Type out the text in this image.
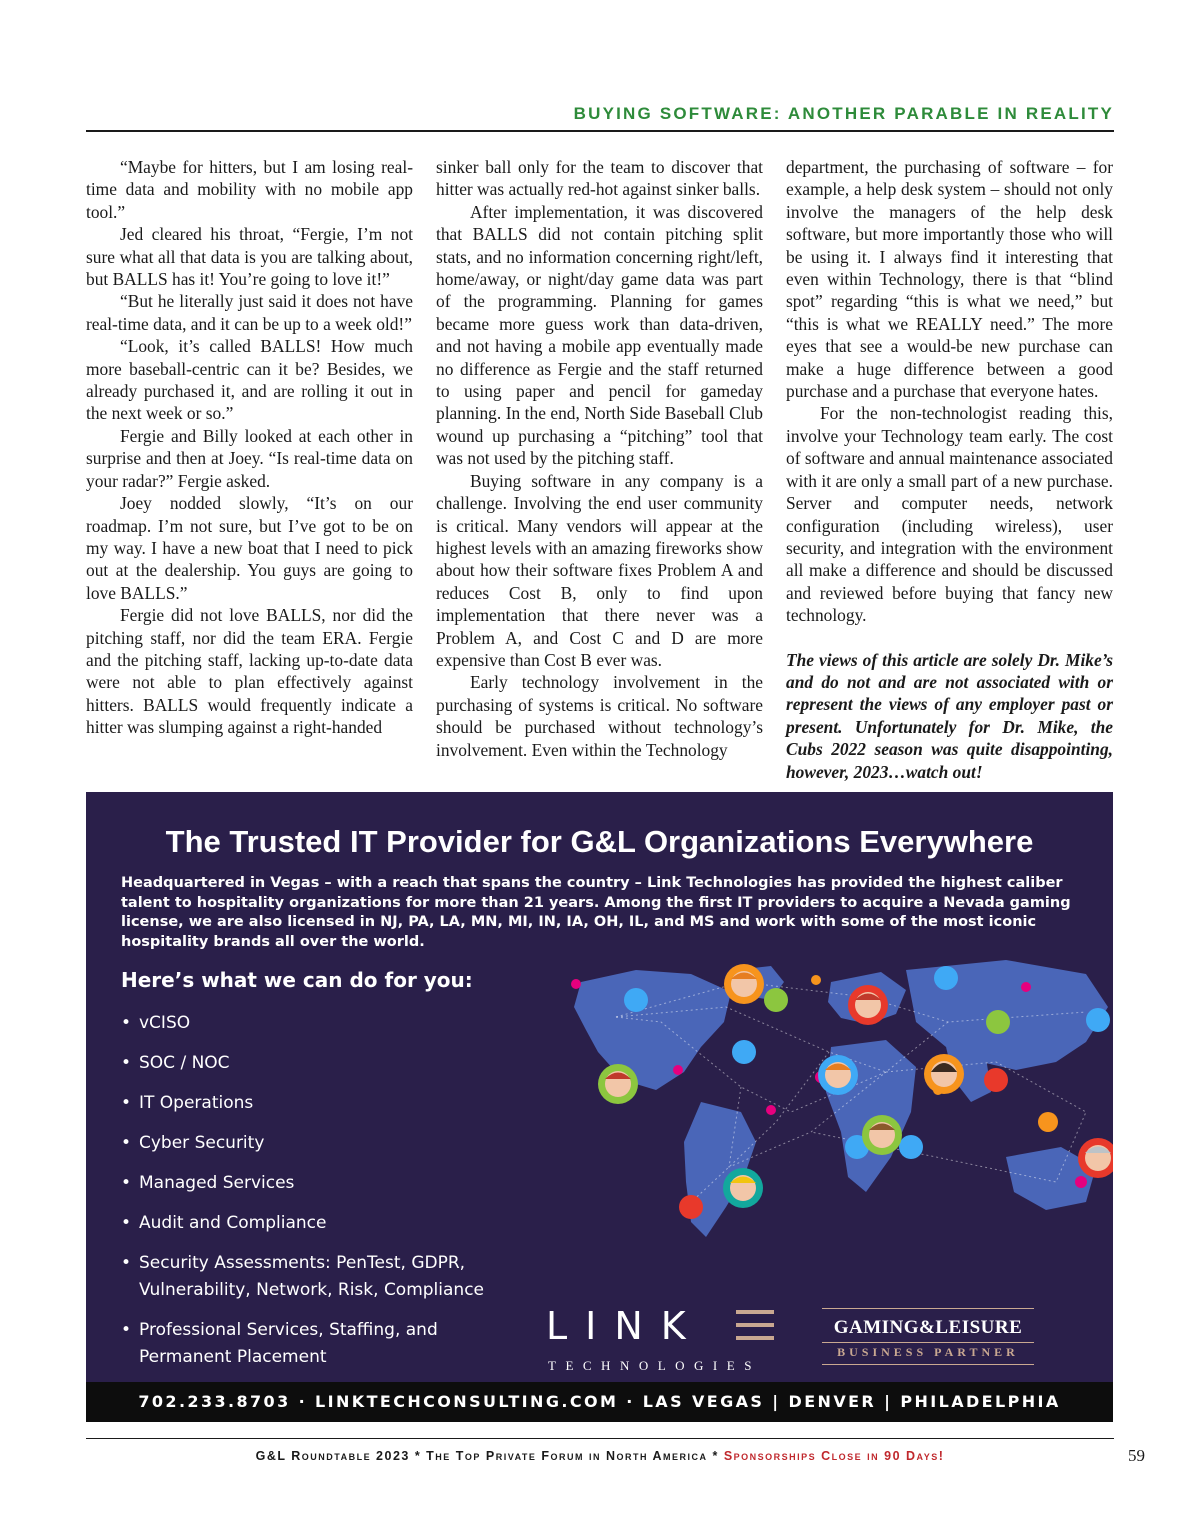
BUYING SOFTWARE: ANOTHER PARABLE IN REALITY

“Maybe for hitters, but I am losing real-time data and mobility with no mobile app tool.”

Jed cleared his throat, “Fergie, I’m not sure what all that data is you are talking about, but BALLS has it! You’re going to love it!”

“But he literally just said it does not have real-time data, and it can be up to a week old!”

“Look, it’s called BALLS! How much more baseball-centric can it be? Besides, we already purchased it, and are rolling it out in the next week or so.”

Fergie and Billy looked at each other in surprise and then at Joey. “Is real-time data on your radar?” Fergie asked.

Joey nodded slowly, “It’s on our roadmap. I’m not sure, but I’ve got to be on my way. I have a new boat that I need to pick out at the dealership. You guys are going to love BALLS.”

Fergie did not love BALLS, nor did the pitching staff, nor did the team ERA. Fergie and the pitching staff, lacking up-to-date data were not able to plan effectively against hitters. BALLS would frequently indicate a hitter was slumping against a right-handed

sinker ball only for the team to discover that hitter was actually red-hot against sinker balls.

After implementation, it was discovered that BALLS did not contain pitching split stats, and no information concerning right/left, home/away, or night/day game data was part of the programming. Planning for games became more guess work than data-driven, and not having a mobile app eventually made no difference as Fergie and the staff returned to using paper and pencil for gameday planning. In the end, North Side Baseball Club wound up purchasing a “pitching” tool that was not used by the pitching staff.

Buying software in any company is a challenge. Involving the end user community is critical. Many vendors will appear at the highest levels with an amazing fireworks show about how their software fixes Problem A and reduces Cost B, only to find upon implementation that there never was a Problem A, and Cost C and D are more expensive than Cost B ever was.

Early technology involvement in the purchasing of systems is critical. No software should be purchased without technology’s involvement. Even within the Technology

department, the purchasing of software – for example, a help desk system – should not only involve the managers of the help desk software, but more importantly those who will be using it. I always find it interesting that even within Technology, there is that “blind spot” regarding “this is what we need,” but “this is what we REALLY need.” The more eyes that see a would-be new purchase can make a huge difference between a good purchase and a purchase that everyone hates.

For the non-technologist reading this, involve your Technology team early. The cost of software and annual maintenance associated with it are only a small part of a new purchase. Server and computer needs, network configuration (including wireless), user security, and integration with the environment all make a difference and should be discussed and reviewed before buying that fancy new technology.

The views of this article are solely Dr. Mike’s and do not and are not associated with or represent the views of any employer past or present. Unfortunately for Dr. Mike, the Cubs 2022 season was quite disappointing, however, 2023…watch out!

The Trusted IT Provider for G&L Organizations Everywhere
Headquartered in Vegas – with a reach that spans the country – Link Technologies has provided the highest caliber talent to hospitality organizations for more than 21 years. Among the first IT providers to acquire a Nevada gaming license, we are also licensed in NJ, PA, LA, MN, MI, IN, IA, OH, IL, and MS and work with some of the most iconic hospitality brands all over the world.
Here’s what we can do for you:
• vCISO
• SOC / NOC
• IT Operations
• Cyber Security
• Managed Services
• Audit and Compliance
• Security Assessments: PenTest, GDPR, Vulnerability, Network, Risk, Compliance
• Professional Services, Staffing, and Permanent Placement
LINK
TECHNOLOGIES
GAMING&LEISURE
BUSINESS PARTNER
702.233.8703 · LINKTECHCONSULTING.COM · LAS VEGAS | DENVER | PHILADELPHIA
G&L Roundtable 2023 * The Top Private Forum in North America * Sponsorships Close in 90 Days!	59
